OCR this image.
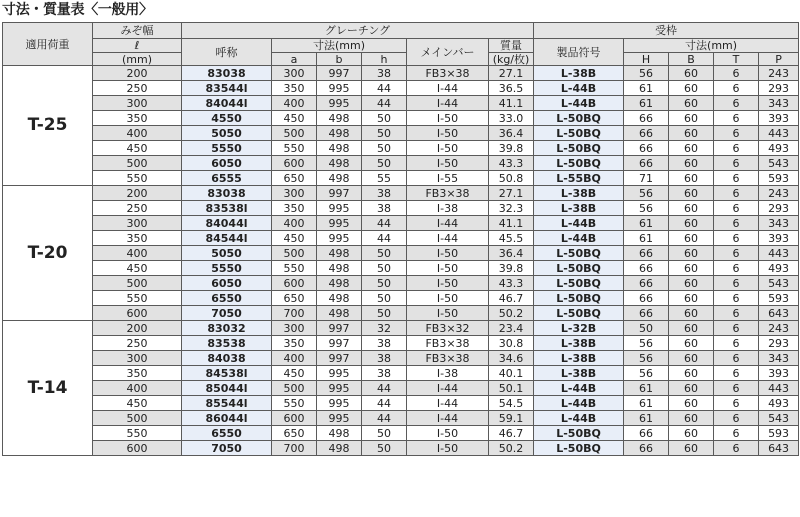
寸法・質量表〈一般用〉
適用荷重	みぞ幅	グレーチング						受枠				
	ℓ	呼称	寸法(mm)			メインバー	質量	製品符号	寸法(mm)			
	(mm)		a	b	h		(kg/枚)		H	B	T	P
T-25	200	83038	300	997	38	FB3×38	27.1	L-38B	56	60	6	243
	250	83544l	350	995	44	I-44	36.5	L-44B	61	60	6	293
	300	84044l	400	995	44	I-44	41.1	L-44B	61	60	6	343
	350	4550	450	498	50	I-50	33.0	L-50BQ	66	60	6	393
	400	5050	500	498	50	I-50	36.4	L-50BQ	66	60	6	443
	450	5550	550	498	50	I-50	39.8	L-50BQ	66	60	6	493
	500	6050	600	498	50	I-50	43.3	L-50BQ	66	60	6	543
	550	6555	650	498	55	I-55	50.8	L-55BQ	71	60	6	593
T-20	200	83038	300	997	38	FB3×38	27.1	L-38B	56	60	6	243
	250	83538l	350	995	38	I-38	32.3	L-38B	56	60	6	293
	300	84044l	400	995	44	I-44	41.1	L-44B	61	60	6	343
	350	84544l	450	995	44	I-44	45.5	L-44B	61	60	6	393
	400	5050	500	498	50	I-50	36.4	L-50BQ	66	60	6	443
	450	5550	550	498	50	I-50	39.8	L-50BQ	66	60	6	493
	500	6050	600	498	50	I-50	43.3	L-50BQ	66	60	6	543
	550	6550	650	498	50	I-50	46.7	L-50BQ	66	60	6	593
	600	7050	700	498	50	I-50	50.2	L-50BQ	66	60	6	643
T-14	200	83032	300	997	32	FB3×32	23.4	L-32B	50	60	6	243
	250	83538	350	997	38	FB3×38	30.8	L-38B	56	60	6	293
	300	84038	400	997	38	FB3×38	34.6	L-38B	56	60	6	343
	350	84538l	450	995	38	I-38	40.1	L-38B	56	60	6	393
	400	85044l	500	995	44	I-44	50.1	L-44B	61	60	6	443
	450	85544l	550	995	44	I-44	54.5	L-44B	61	60	6	493
	500	86044l	600	995	44	I-44	59.1	L-44B	61	60	6	543
	550	6550	650	498	50	I-50	46.7	L-50BQ	66	60	6	593
	600	7050	700	498	50	I-50	50.2	L-50BQ	66	60	6	643
